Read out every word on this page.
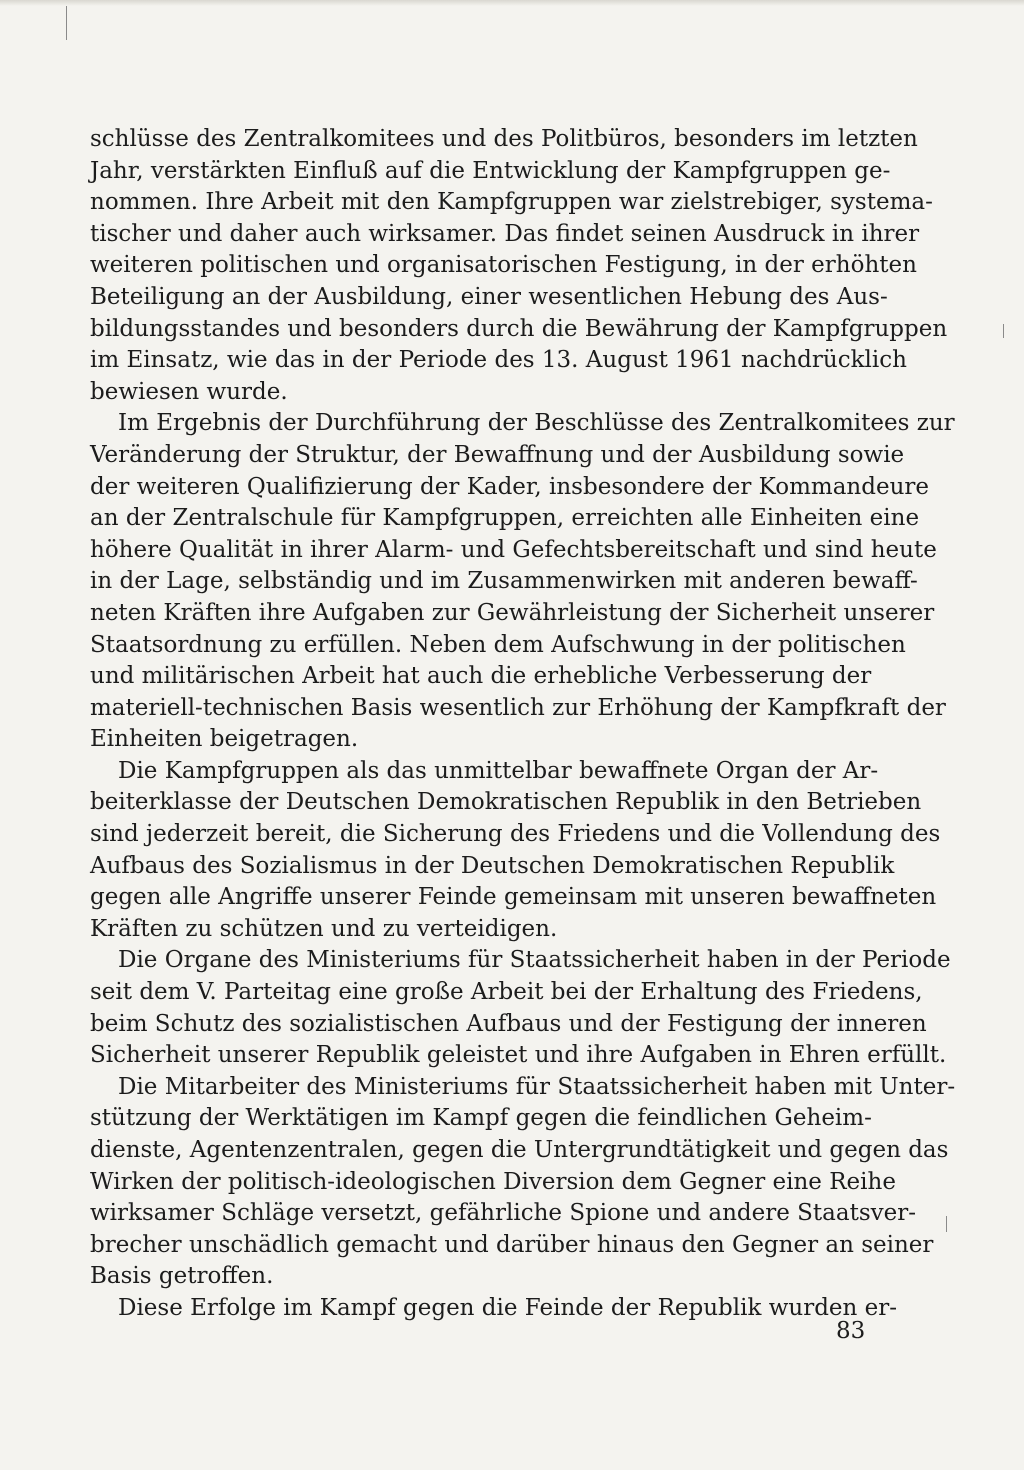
schlüsse des Zentralkomitees und des Politbüros, besonders im letzten
Jahr, verstärkten Einfluß auf die Entwicklung der Kampfgruppen ge-
nommen. Ihre Arbeit mit den Kampfgruppen war zielstrebiger, systema-
tischer und daher auch wirksamer. Das findet seinen Ausdruck in ihrer
weiteren politischen und organisatorischen Festigung, in der erhöhten
Beteiligung an der Ausbildung, einer wesentlichen Hebung des Aus-
bildungsstandes und besonders durch die Bewährung der Kampfgruppen
im Einsatz, wie das in der Periode des 13. August 1961 nachdrücklich
bewiesen wurde.
Im Ergebnis der Durchführung der Beschlüsse des Zentralkomitees zur
Veränderung der Struktur, der Bewaffnung und der Ausbildung sowie
der weiteren Qualifizierung der Kader, insbesondere der Kommandeure
an der Zentralschule für Kampfgruppen, erreichten alle Einheiten eine
höhere Qualität in ihrer Alarm- und Gefechtsbereitschaft und sind heute
in der Lage, selbständig und im Zusammenwirken mit anderen bewaff-
neten Kräften ihre Aufgaben zur Gewährleistung der Sicherheit unserer
Staatsordnung zu erfüllen. Neben dem Aufschwung in der politischen
und militärischen Arbeit hat auch die erhebliche Verbesserung der
materiell-technischen Basis wesentlich zur Erhöhung der Kampfkraft der
Einheiten beigetragen.
Die Kampfgruppen als das unmittelbar bewaffnete Organ der Ar-
beiterklasse der Deutschen Demokratischen Republik in den Betrieben
sind jederzeit bereit, die Sicherung des Friedens und die Vollendung des
Aufbaus des Sozialismus in der Deutschen Demokratischen Republik
gegen alle Angriffe unserer Feinde gemeinsam mit unseren bewaffneten
Kräften zu schützen und zu verteidigen.
Die Organe des Ministeriums für Staatssicherheit haben in der Periode
seit dem V. Parteitag eine große Arbeit bei der Erhaltung des Friedens,
beim Schutz des sozialistischen Aufbaus und der Festigung der inneren
Sicherheit unserer Republik geleistet und ihre Aufgaben in Ehren erfüllt.
Die Mitarbeiter des Ministeriums für Staatssicherheit haben mit Unter-
stützung der Werktätigen im Kampf gegen die feindlichen Geheim-
dienste, Agentenzentralen, gegen die Untergrundtätigkeit und gegen das
Wirken der politisch-ideologischen Diversion dem Gegner eine Reihe
wirksamer Schläge versetzt, gefährliche Spione und andere Staatsver-
brecher unschädlich gemacht und darüber hinaus den Gegner an seiner
Basis getroffen.
Diese Erfolge im Kampf gegen die Feinde der Republik wurden er-
83
